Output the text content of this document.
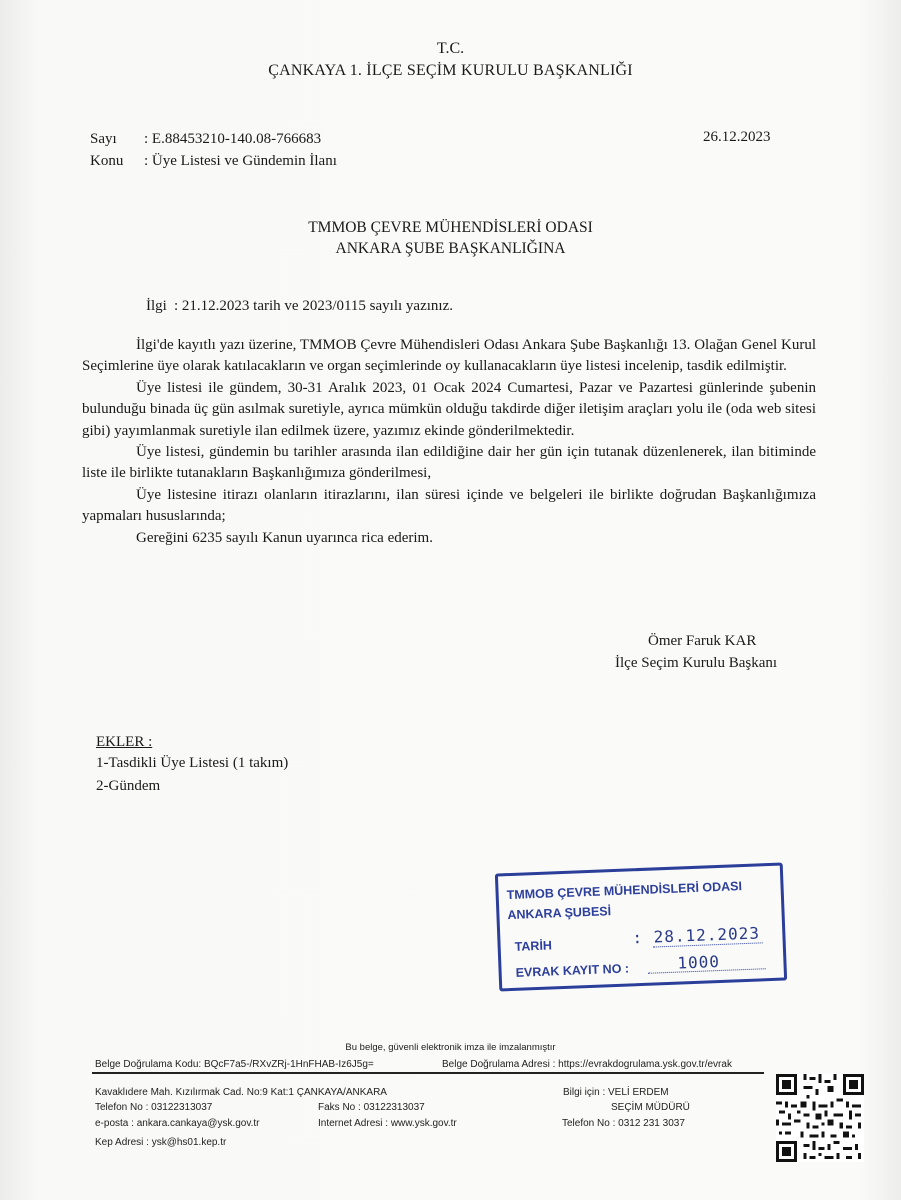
T.C.
ÇANKAYA 1. İLÇE SEÇİM KURULU BAŞKANLIĞI
Sayı : E.88453210-140.08-766683
Konu : Üye Listesi ve Gündemin İlanı
26.12.2023
TMMOB ÇEVRE MÜHENDİSLERİ ODASI
ANKARA ŞUBE BAŞKANLIĞINA
İlgi : 21.12.2023 tarih ve 2023/0115 sayılı yazınız.

İlgi'de kayıtlı yazı üzerine, TMMOB Çevre Mühendisleri Odası Ankara Şube Başkanlığı 13. Olağan Genel Kurul Seçimlerine üye olarak katılacakların ve organ seçimlerinde oy kullanacakların üye listesi incelenip, tasdik edilmiştir.

Üye listesi ile gündem, 30-31 Aralık 2023, 01 Ocak 2024 Cumartesi, Pazar ve Pazartesi günlerinde şubenin bulunduğu binada üç gün asılmak suretiyle, ayrıca mümkün olduğu takdirde diğer iletişim araçları yolu ile (oda web sitesi gibi) yayımlanmak suretiyle ilan edilmek üzere, yazımız ekinde gönderilmektedir.

Üye listesi, gündemin bu tarihler arasında ilan edildiğine dair her gün için tutanak düzenlenerek, ilan bitiminde liste ile birlikte tutanakların Başkanlığımıza gönderilmesi,

Üye listesine itirazı olanların itirazlarını, ilan süresi içinde ve belgeleri ile birlikte doğrudan Başkanlığımıza yapmaları hususlarında;

Gereğini 6235 sayılı Kanun uyarınca rica ederim.

Ömer Faruk KAR
İlçe Seçim Kurulu Başkanı
EKLER :
1-Tasdikli Üye Listesi (1 takım)
2-Gündem
TMMOB ÇEVRE MÜHENDİSLERİ ODASI
ANKARA ŞUBESİ
TARİH	: 28.12.2023
EVRAK KAYIT NO :	1000
Bu belge, güvenli elektronik imza ile imzalanmıştır
Belge Doğrulama Kodu: BQcF7a5-/RXvZRj-1HnFHAB-Iz6J5g=	Belge Doğrulama Adresi : https://evrakdogrulama.ysk.gov.tr/evrak
Kavaklıdere Mah. Kızılırmak Cad. No:9 Kat:1 ÇANKAYA/ANKARA
Telefon No : 03122313037	Faks No : 03122313037
e-posta : ankara.cankaya@ysk.gov.tr	Internet Adresi : www.ysk.gov.tr
Kep Adresi : ysk@hs01.kep.tr
Bilgi için : VELİ ERDEM
SEÇİM MÜDÜRÜ
Telefon No : 0312 231 3037
